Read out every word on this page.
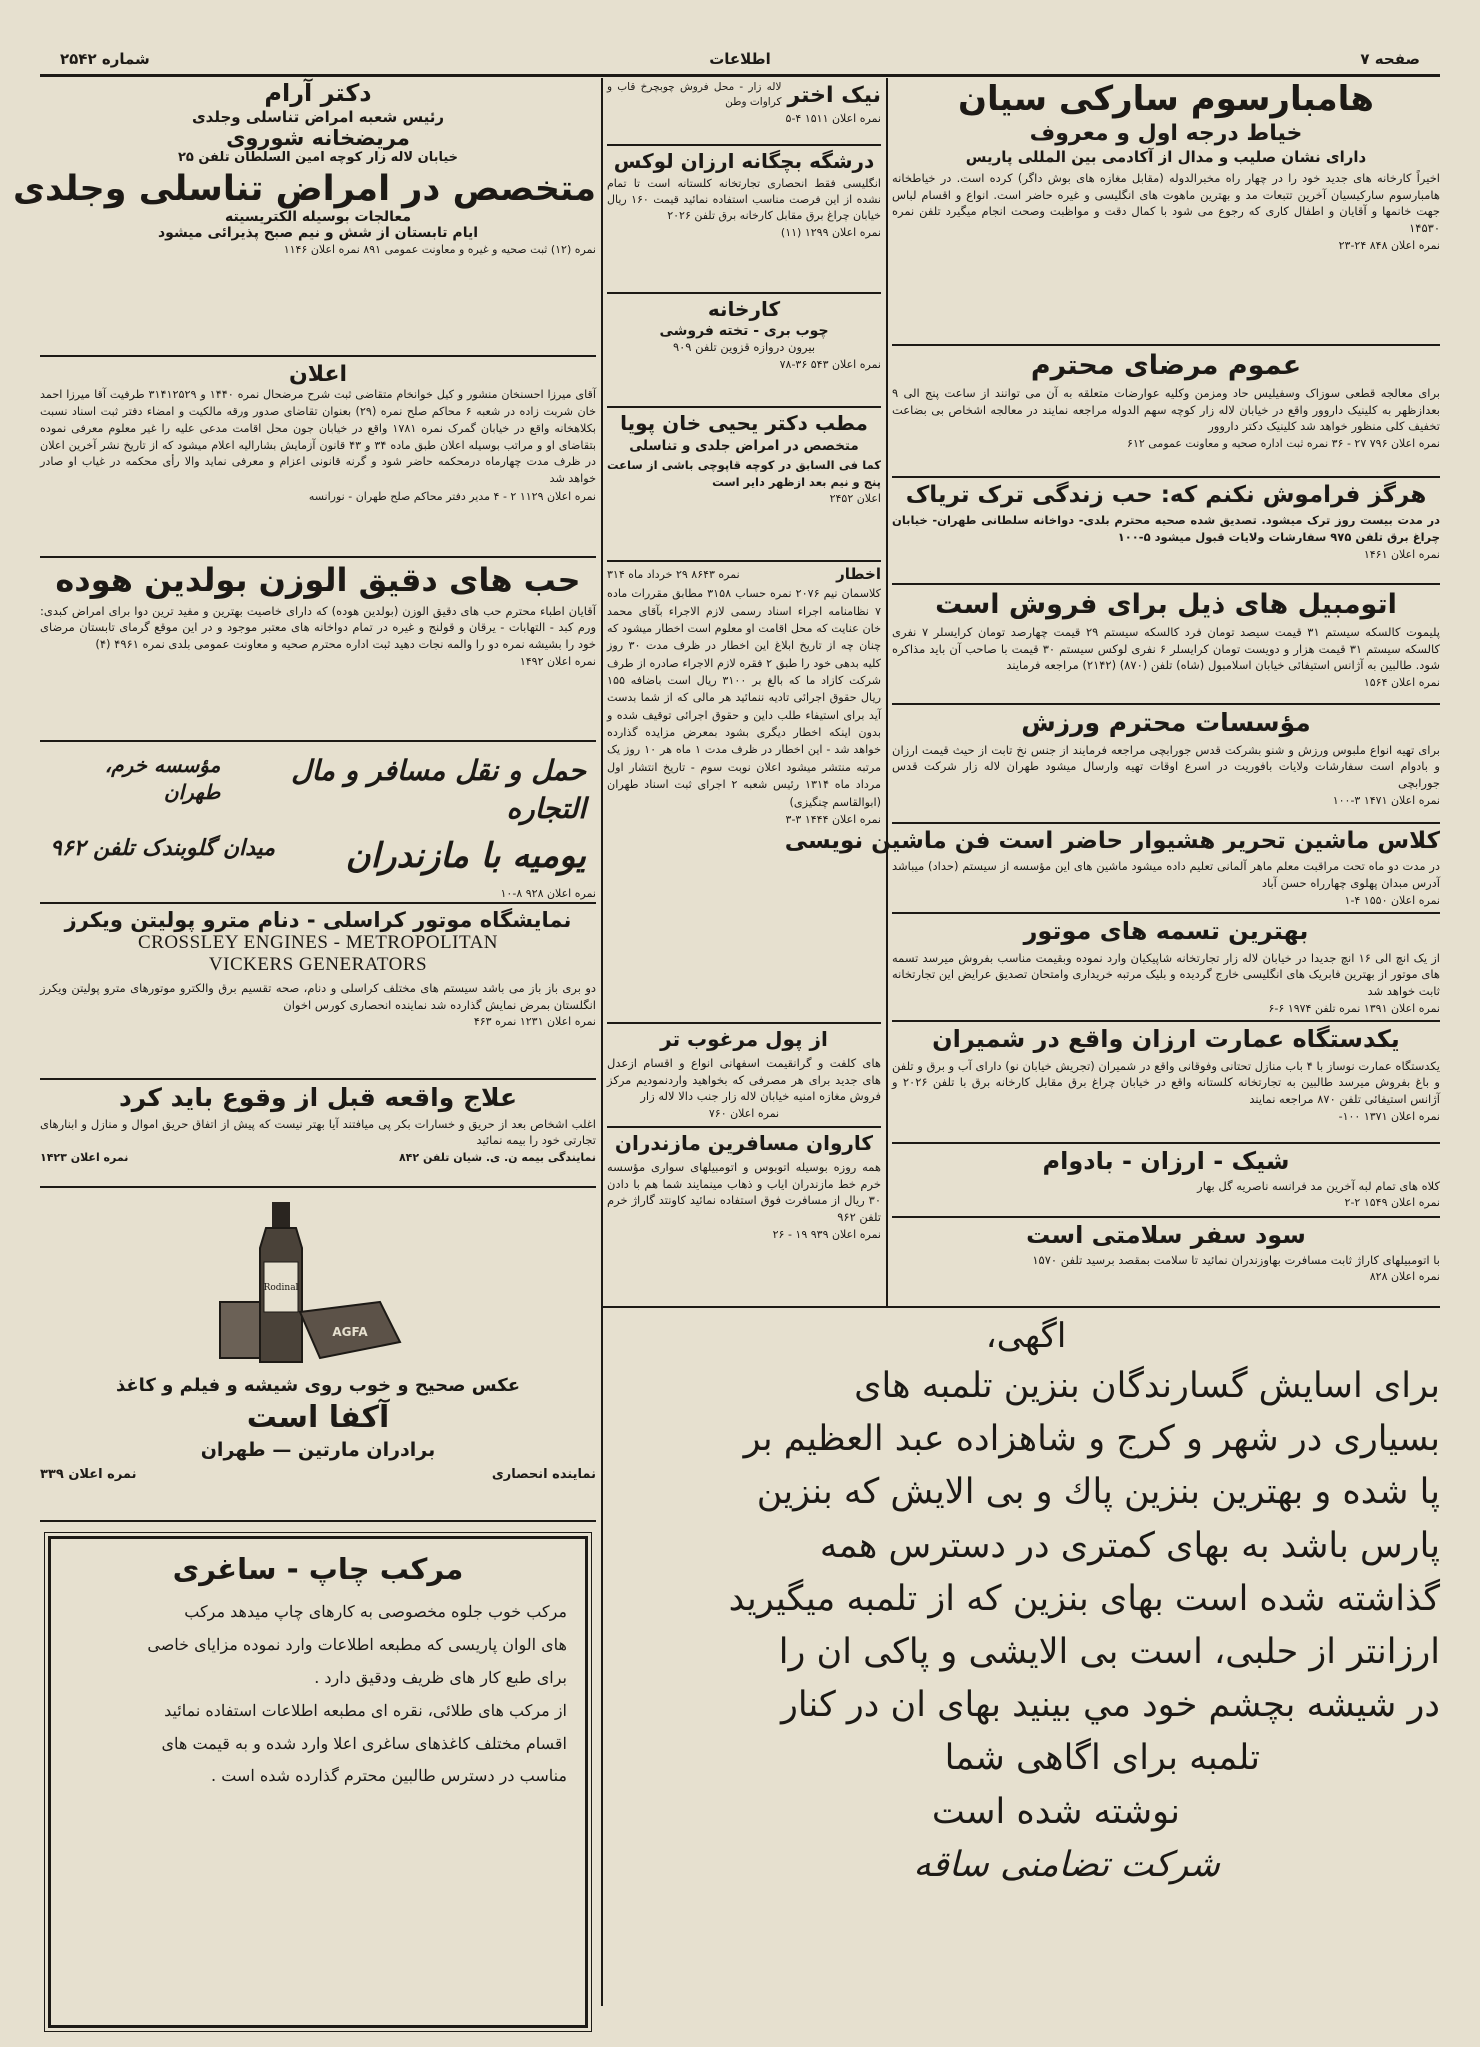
شماره ۲۵۴۲	اطلاعات	صفحه ۷
هامبارسوم سارکی سیان
خیاط درجه اول و معروف
دارای نشان صلیب و مدال از آکادمی بین المللی پاریس
اخیراً کارخانه های جدید خود را در چهار راه مخبرالدوله (مقابل مغازه های بوش داگر) کرده است. در خیاطخانه هامبارسوم سارکیسیان آخرین تتبعات مد و بهترین ماهوت های انگلیسی و غیره حاضر است. انواع و اقسام لباس جهت خانمها و آقایان و اطفال کاری که رجوع می شود با کمال دقت و مواظبت وصحت انجام میگیرد تلفن نمره ۱۴۵۳۰
نمره اعلان ۸۴۸ ۲۴-۲۳
عموم مرضای محترم
برای معالجه قطعی سوزاک وسفیلیس حاد ومزمن وکلیه عوارضات متعلقه به آن می توانند از ساعت پنج الی ۹ بعدازظهر به کلینیک داروور واقع در خیابان لاله زار کوچه سهم الدوله مراجعه نمایند در معالجه اشخاص بی بضاعت تخفیف کلی منظور خواهد شد کلینیک دکتر داروور
نمره اعلان ۷۹۶ ۲۷ - ۳۶ نمره ثبت اداره صحیه و معاونت عمومی ۶۱۲
هرگز فراموش نکنم که: حب زندگی ترک تریاک
در مدت بیست روز ترک میشود. تصدیق شده صحیه محترم بلدی- دواخانه سلطانی طهران- خیابان چراغ برق تلفن ۹۷۵ سفارشات ولایات قبول میشود ۵-۱۰۰
نمره اعلان ۱۴۶۱
اتومبیل های ذیل برای فروش است
پلیموت کالسکه سیستم ۳۱ قیمت سیصد تومان فرد کالسکه سیستم ۲۹ قیمت چهارصد تومان کرایسلر ۷ نفری کالسکه سیستم ۳۱ قیمت هزار و دویست تومان کرایسلر ۶ نفری لوکس سیستم ۳۰ قیمت با صاحب آن باید مذاکره شود. طالبین به آژانس استیفائی خیابان اسلامبول (شاه) تلفن (۸۷۰) (۲۱۴۲) مراجعه فرمایند
نمره اعلان ۱۵۶۴
مؤسسات محترم ورزش
برای تهیه انواع ملبوس ورزش و شنو بشرکت قدس جورابچی مراجعه فرمایند از جنس نخ تابت از حیث قیمت ارزان و بادوام است سفارشات ولایات بافوریت در اسرع اوقات تهیه وارسال میشود طهران لاله زار شرکت قدس جورابچی
نمره اعلان ۱۴۷۱ ۳-۱۰۰
کلاس ماشین تحریر هشیوار حاضر است فن ماشین نویسی
در مدت دو ماه تحت مراقبت معلم ماهر آلمانی تعلیم داده میشود ماشین های این مؤسسه از سیستم (حداد) میباشد آدرس مبدان پهلوی چهارراه حسن آباد
نمره اعلان ۱۵۵۰ ۴-۱
بهترین تسمه های موتور
از یک انچ الی ۱۶ انچ جدیدا در خیابان لاله زار تجارتخانه شاپیکیان وارد نموده وبقیمت مناسب بفروش میرسد تسمه های موتور از بهترین فابریک های انگلیسی خارج گردیده و بلیک مرتبه خریداری وامتحان تصدیق عرایض این تجارتخانه ثابت خواهد شد
نمره اعلان ۱۳۹۱ نمره تلفن ۱۹۷۴ ۶-۶
یکدستگاه عمارت ارزان واقع در شمیران
یکدستگاه عمارت نوساز با ۴ باب منازل تحتانی وفوقانی واقع در شمیران (تجریش خیابان نو) دارای آب و برق و تلفن و باغ بفروش میرسد طالبین به تجارتخانه کلستانه واقع در خیابان چراغ برق مقابل کارخانه برق با تلفن ۲۰۲۶ و آژانس استیفائی تلفن ۸۷۰ مراجعه نمایند
نمره اعلان ۱۳۷۱ ۱۰۰-
شیک - ارزان - بادوام
کلاه های تمام لبه آخرین مد فرانسه ناصریه گل بهار
نمره اعلان ۱۵۴۹ ۲-۲
سود سفر سلامتی است
با اتومبیلهای کاراژ ثابت مسافرت بهاوزندران نمائید تا سلامت بمقصد برسید تلفن ۱۵۷۰
نمره اعلان ۸۲۸
نیک اختر
لاله زار - محل فروش چوبچرخ قاب و کراوات وطن
نمره اعلان ۱۵۱۱ ۴-۵
درشگه بچگانه ارزان لوکس
انگلیسی فقط انحصاری تجارتخانه کلستانه است تا تمام نشده از این فرصت مناسب استفاده نمائید قیمت ۱۶۰ ریال خیابان چراغ برق مقابل کارخانه برق تلفن ۲۰۲۶
نمره اعلان ۱۲۹۹ (۱۱)
کارخانه
چوب بری - تخته فروشی
بیرون دروازه قزوین تلفن ۹۰۹
نمره اعلان ۵۴۳ ۳۶-۷۸
مطب دکتر یحیی خان پویا
متخصص در امراض جلدی و تناسلی
کما فی السابق در کوچه قاپوچی باشی از ساعت پنج و نیم بعد ازظهر دایر است
اعلان ۲۴۵۲
اخطار
نمره ۸۶۴۳ ۲۹ خرداد ماه ۳۱۴
کلاسمان نیم ۲۰۷۶ نمره حساب ۳۱۵۸ مطابق مقررات ماده ۷ نظامنامه اجراء اسناد رسمی لازم الاجراء بآقای محمد خان عنایت که محل اقامت او معلوم است اخطار میشود که چنان چه از تاریخ ابلاغ این اخطار در ظرف مدت ۳۰ روز کلیه بدهی خود را طبق ۲ فقره لازم الاجراء صادره از طرف شرکت کازاد ما که بالغ بر ۳۱۰۰ ریال است باضافه ۱۵۵ ریال حقوق اجرائی تادیه ننمائید هر مالی که از شما بدست آید برای استیفاء طلب داین و حقوق اجرائی توقیف شده و بدون اینکه اخطار دیگری بشود بمعرض مزایده گذارده خواهد شد - این اخطار در ظرف مدت ۱ ماه هر ۱۰ روز یک مرتبه منتشر میشود اعلان نوبت سوم - تاریخ انتشار اول مرداد ماه ۱۳۱۴ رئیس شعبه ۲ اجرای ثبت اسناد طهران (ابوالقاسم چنگیزی)
نمره اعلان ۱۴۴۴ ۳-۳
از پول مرغوب تر
های کلفت و گرانقیمت اسفهانی انواع و اقسام ازعدل های جدید برای هر مصرفی که بخواهید واردنمودیم مرکز فروش مغازه امنیه خیابان لاله زار جنب دالا لاله زار
نمره اعلان ۷۶۰
کاروان مسافرین مازندران
همه روزه بوسیله اتوبوس و اتومبیلهای سواری مؤسسه خرم خط مازندران ایاب و ذهاب مینمایند شما هم با دادن ۳۰ ریال از مسافرت فوق استفاده نمائید کاونتد گاراژ خرم تلفن ۹۶۲
نمره اعلان ۹۳۹ ۱۹ - ۲۶
دکتر آرام
رئیس شعبه امراض تناسلی وجلدی
مریضخانه شوروی
خیابان لاله زار کوچه امین السلطان تلفن ۲۵
متخصص در امراض تناسلی وجلدی
معالجات بوسیله الکتریسیته
ایام تابستان از شش و نیم صبح پذیرائی میشود
نمره (۱۲) ثبت صحیه و غیره و معاونت عمومی ۸۹۱ نمره اعلان ۱۱۴۶
اعلان
آقای میرزا احسنخان منشور و کیل خوانخام متقاضی ثبت شرح مرضحال نمره ۱۴۴۰ و ۳۱۴۱۲۵۲۹ طرفیت آقا میرزا احمد خان شربت زاده در شعبه ۶ محاکم صلح نمره (۲۹) بعنوان تقاضای صدور ورقه مالکیت و امضاء دفتر ثبت اسناد نسبت بکلاهخانه واقع در خیابان گمرک نمره ۱۷۸۱ واقع در خیابان جون محل اقامت مدعی علیه را غیر معلوم معرفی نموده بتقاضای او و مراتب بوسیله اعلان طبق ماده ۳۴ و ۴۳ قانون آزمایش بشارالیه اعلام میشود که از تاریخ نشر آخرین اعلان در ظرف مدت چهارماه درمحکمه حاضر شود و گرنه قانونی اعزام و معرفی نماید والا رأی محکمه در غیاب او صادر خواهد شد
نمره اعلان ۱۱۲۹ ۲ - ۴ مدیر دفتر محاکم صلح طهران - نورانسه
حب های دقیق الوزن بولدین هوده
آقایان اطباء محترم حب های دقیق الوزن (بولدین هوده) که دارای خاصیت بهترین و مفید ترین دوا برای امراض کبدی: ورم کبد - التهابات - یرقان و قولنج و غیره در تمام دواخانه های معتبر موجود و در این موقع گرمای تابستان مرضای خود را بشیشه نمره دو را والمه نجات دهید ثبت اداره محترم صحیه و معاونت عمومی بلدی نمره ۴۹۶۱ (۴)
نمره اعلان ۱۴۹۲
حمل و نقل مسافر و مال التجاره
مؤسسه خرم، طهران
یومیه با مازندران
میدان گلوبندک تلفن ۹۶۲
نمره اعلان ۹۲۸ ۸-۱۰
نمایشگاه موتور کراسلی - دنام مترو پولیتن ویکرز
CROSSLEY ENGINES - METROPOLITAN
VICKERS GENERATORS
دو بری باز باز می باشد سیستم های مختلف کراسلی و دنام، صحه تقسیم برق والکترو موتورهای مترو پولیتن ویکرز انگلستان بمرض نمایش گذارده شد نماینده انحصاری کورس اخوان
نمره اعلان ۱۲۳۱ نمره ۴۶۳
علاج واقعه قبل از وقوع باید کرد
اغلب اشخاص بعد از حریق و خسارات بکر پی میافتند آیا بهتر نیست که پیش از اتفاق حریق اموال و منازل و ابنارهای تجارتی خود را بیمه نمائید
نمایندگی بیمه ن. ی. شیان تلفن ۸۴۲
نمره اعلان ۱۴۲۳
Rodinal
AGFA
عکس صحیح و خوب روی شیشه و فیلم و کاغذ
آکفا است
برادران مارتین — طهران
نماینده انحصاری
نمره اعلان ۳۳۹
مرکب چاپ - ساغری
مرکب خوب جلوه مخصوصی به کارهای چاپ میدهد مرکب
های الوان پاریسی که مطبعه اطلاعات وارد نموده مزایای خاصی
برای طبع کار های ظریف ودقیق دارد .
از مرکب های طلائی، نقره ای مطبعه اطلاعات استفاده نمائید
اقسام مختلف کاغذهای ساغری اعلا وارد شده و به قیمت های
مناسب در دسترس طالبین محترم گذارده شده است .
اگهی،
برای اسایش گسارندگان بنزین تلمبه های
بسیاری در شهر و کرج و شاهزاده عبد العظیم بر
پا شده و بهترین بنزین پاك و بی الایش که بنزین
پارس باشد به بهای کمتری در دسترس همه
گذاشته شده است بهای بنزین که از تلمبه میگیرید
ارزانتر از حلبی، است بی الایشی و پاکی ان را
در شیشه بچشم خود مي بینید بهای ان در کنار
تلمبه برای اگاهی شما
نوشته شده است
شرکت تضامنی ساقه
